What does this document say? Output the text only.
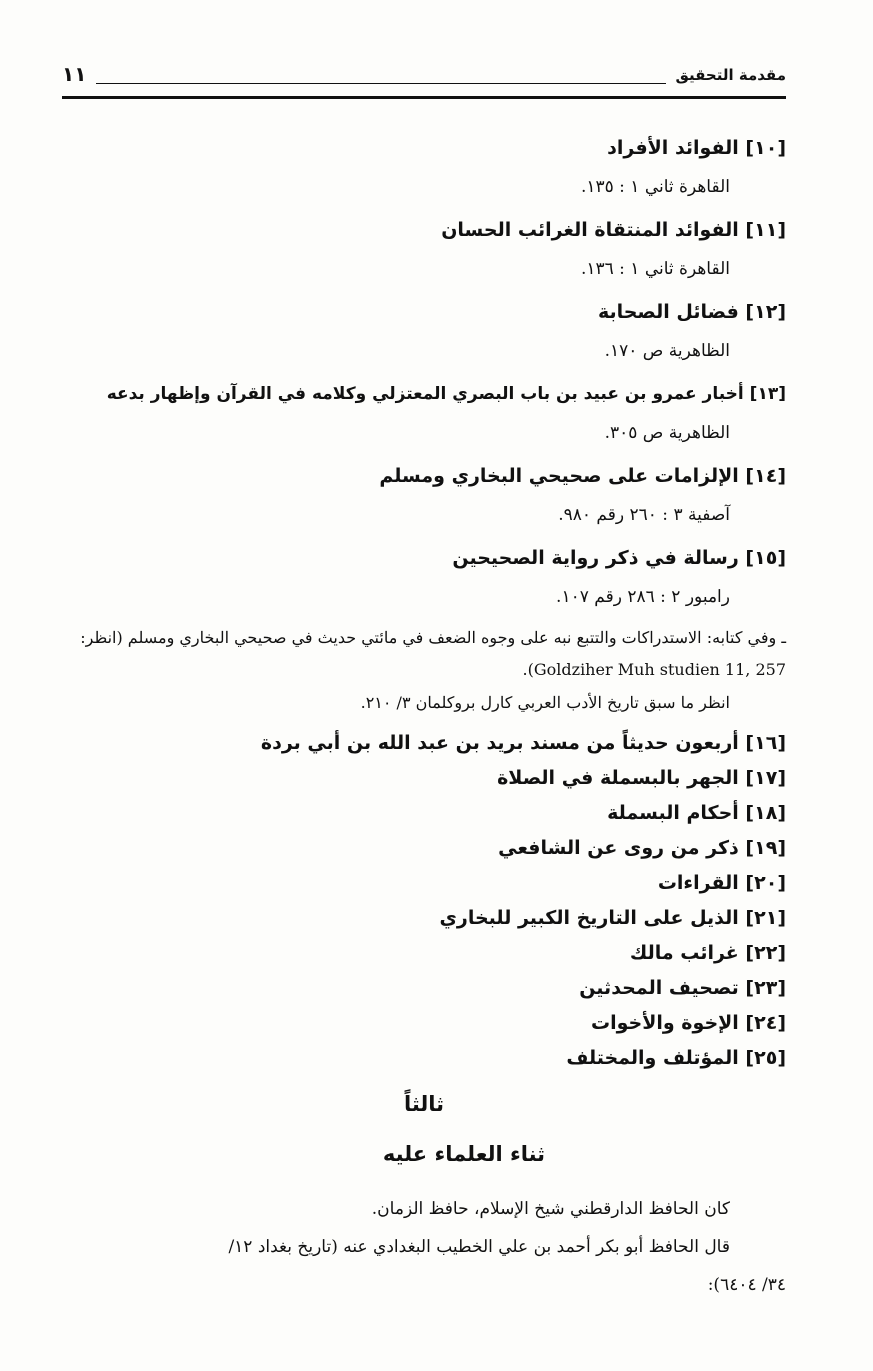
مقدمة التحقيق
١١
[١٠] الفوائد الأفراد
القاهرة ثاني ١ : ١٣٥.
[١١] الفوائد المنتقاة الغرائب الحسان
القاهرة ثاني ١ : ١٣٦.
[١٢] فضائل الصحابة
الظاهرية ص ١٧٠.
[١٣] أخبار عمرو بن عبيد بن باب البصري المعتزلي وكلامه في القرآن وإظهار بدعه
الظاهرية ص ٣٠٥.
[١٤] الإلزامات على صحيحي البخاري ومسلم
آصفية ٣ : ٢٦٠ رقم ٩٨٠.
[١٥] رسالة في ذكر رواية الصحيحين
رامبور ٢ : ٢٨٦ رقم ١٠٧.
ـ وفي كتابه: الاستدراكات والتتبع نبه على وجوه الضعف في مائتي حديث في صحيحي البخاري ومسلم (انظر: Goldziher Muh studien 11, 257).
انظر ما سبق تاريخ الأدب العربي كارل بروكلمان ٣/ ٢١٠.
[١٦] أربعون حديثاً من مسند بريد بن عبد الله بن أبي بردة
[١٧] الجهر بالبسملة في الصلاة
[١٨] أحكام البسملة
[١٩] ذكر من روى عن الشافعي
[٢٠] القراءات
[٢١] الذيل على التاريخ الكبير للبخاري
[٢٢] غرائب مالك
[٢٣] تصحيف المحدثين
[٢٤] الإخوة والأخوات
[٢٥] المؤتلف والمختلف
ثالثاً
ثناء العلماء عليه
كان الحافظ الدارقطني شيخ الإسلام، حافظ الزمان.
قال الحافظ أبو بكر أحمد بن علي الخطيب البغدادي عنه (تاريخ بغداد ١٢/
٣٤/ ٦٤٠٤):
